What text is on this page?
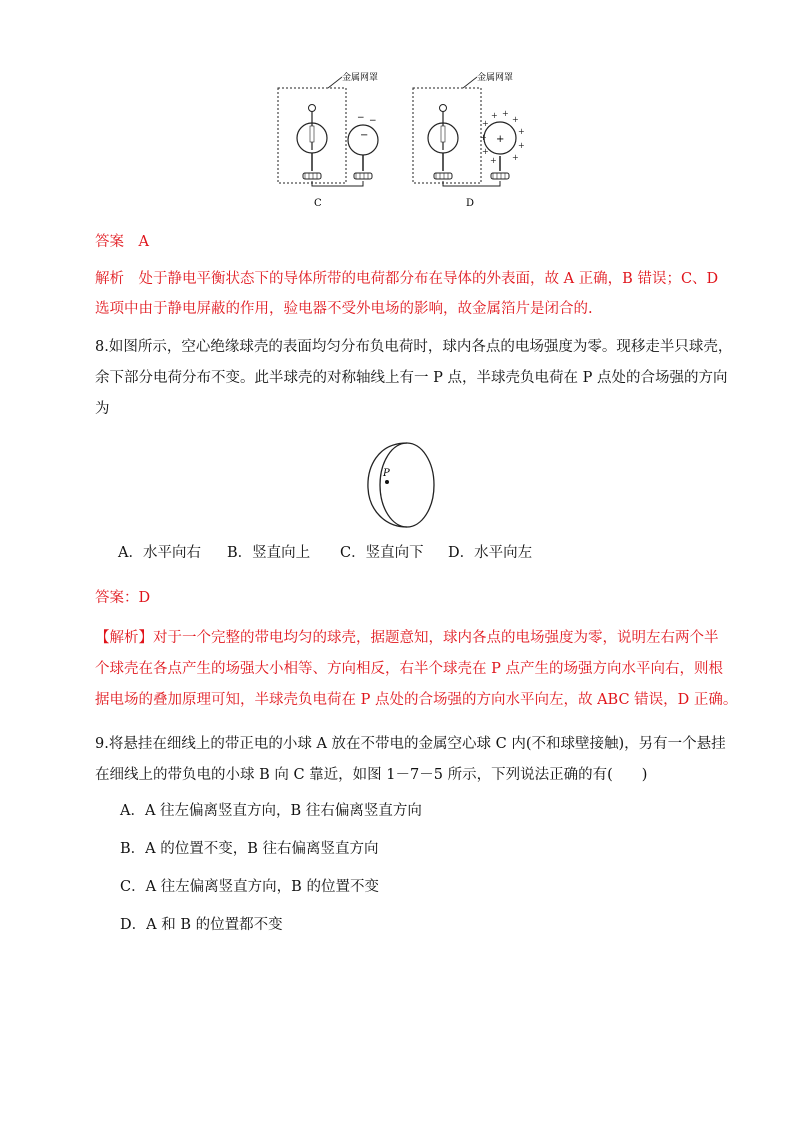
金属网罩
−
− −
C
金属网罩
+
+
+ +
+
+
+
+
+
+
+
D
答案　A
解析　处于静电平衡状态下的导体所带的电荷都分布在导体的外表面，故 A 正确，B 错误；C、D
选项中由于静电屏蔽的作用，验电器不受外电场的影响，故金属箔片是闭合的.
8.如图所示，空心绝缘球壳的表面均匀分布负电荷时，球内各点的电场强度为零。现移走半只球壳，
余下部分电荷分布不变。此半球壳的对称轴线上有一 P 点，半球壳负电荷在 P 点处的合场强的方向
为
P
A．水平向右 B．竖直向上 C．竖直向下 D．水平向左
答案：D
【解析】对于一个完整的带电均匀的球壳，据题意知，球内各点的电场强度为零，说明左右两个半
个球壳在各点产生的场强大小相等、方向相反，右半个球壳在 P 点产生的场强方向水平向右，则根
据电场的叠加原理可知，半球壳负电荷在 P 点处的合场强的方向水平向左，故 ABC 错误，D 正确。
9.将悬挂在细线上的带正电的小球 A 放在不带电的金属空心球 C 内(不和球壁接触)，另有一个悬挂
在细线上的带负电的小球 B 向 C 靠近，如图 1－7－5 所示，下列说法正确的有(　　)
A．A 往左偏离竖直方向，B 往右偏离竖直方向
B．A 的位置不变，B 往右偏离竖直方向
C．A 往左偏离竖直方向，B 的位置不变
D．A 和 B 的位置都不变
